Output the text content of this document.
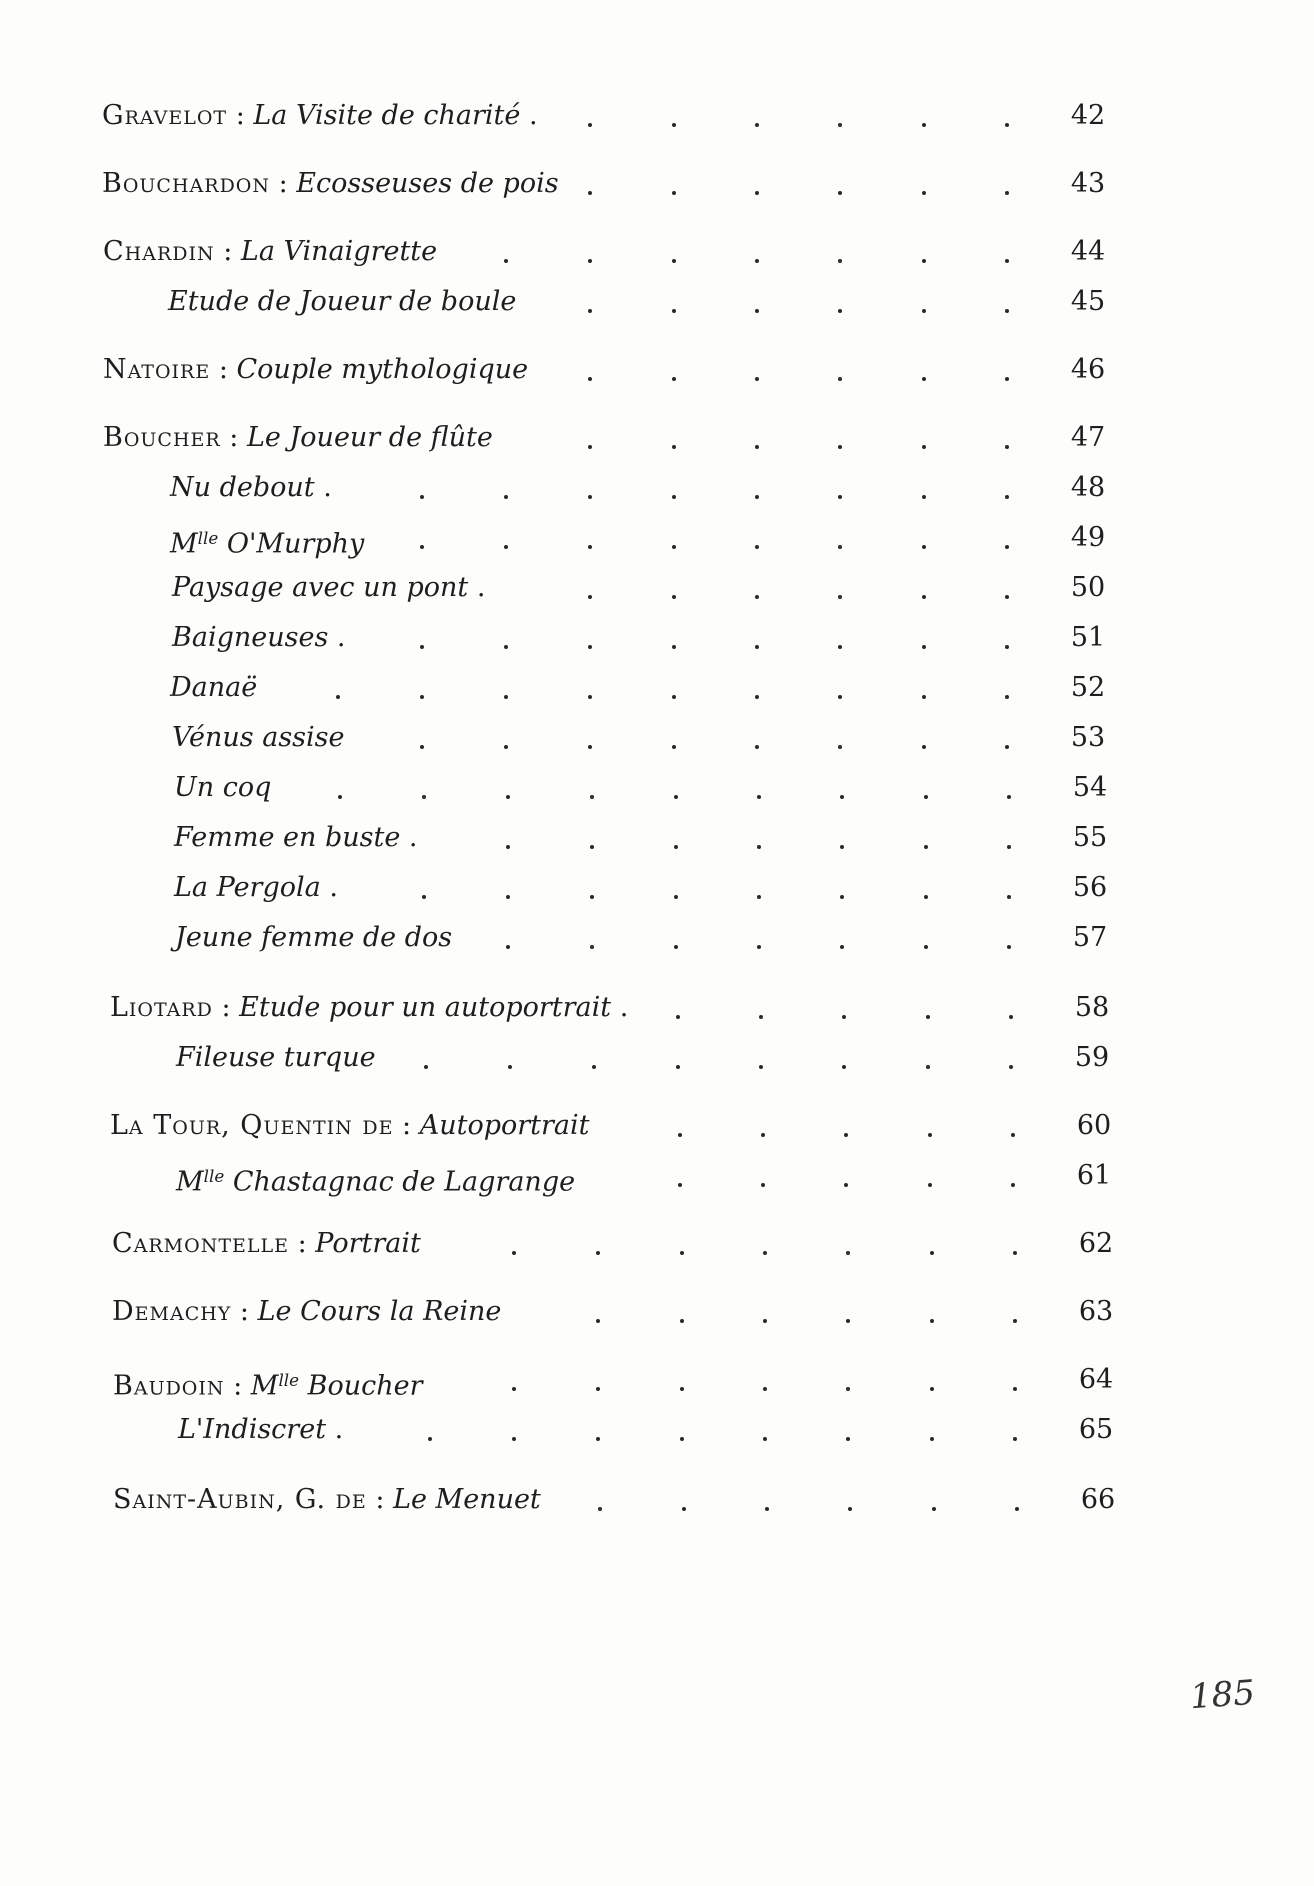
Gravelot : La Visite de charité .	42
Bouchardon : Ecosseuses de pois	43
Chardin : La Vinaigrette	44
Etude de Joueur de boule	45
Natoire : Couple mythologique	46
Boucher : Le Joueur de flûte	47
Nu debout .	48
$M^{lle}$ O'Murphy	49
Paysage avec un pont .	50
Baigneuses .	51
Danaë	52
Vénus assise	53
Un coq	54
Femme en buste .	55
La Pergola .	56
Jeune femme de dos	57
Liotard : Etude pour un autoportrait .	58
Fileuse turque	59
La Tour, Quentin de : Autoportrait	60
$M^{lle}$ Chastagnac de Lagrange	61
Carmontelle : Portrait	62
Demachy : Le Cours la Reine	63
Baudoin : $M^{lle}$ Boucher	64
L'Indiscret .	65
Saint-Aubin, G. de : Le Menuet	66
185
